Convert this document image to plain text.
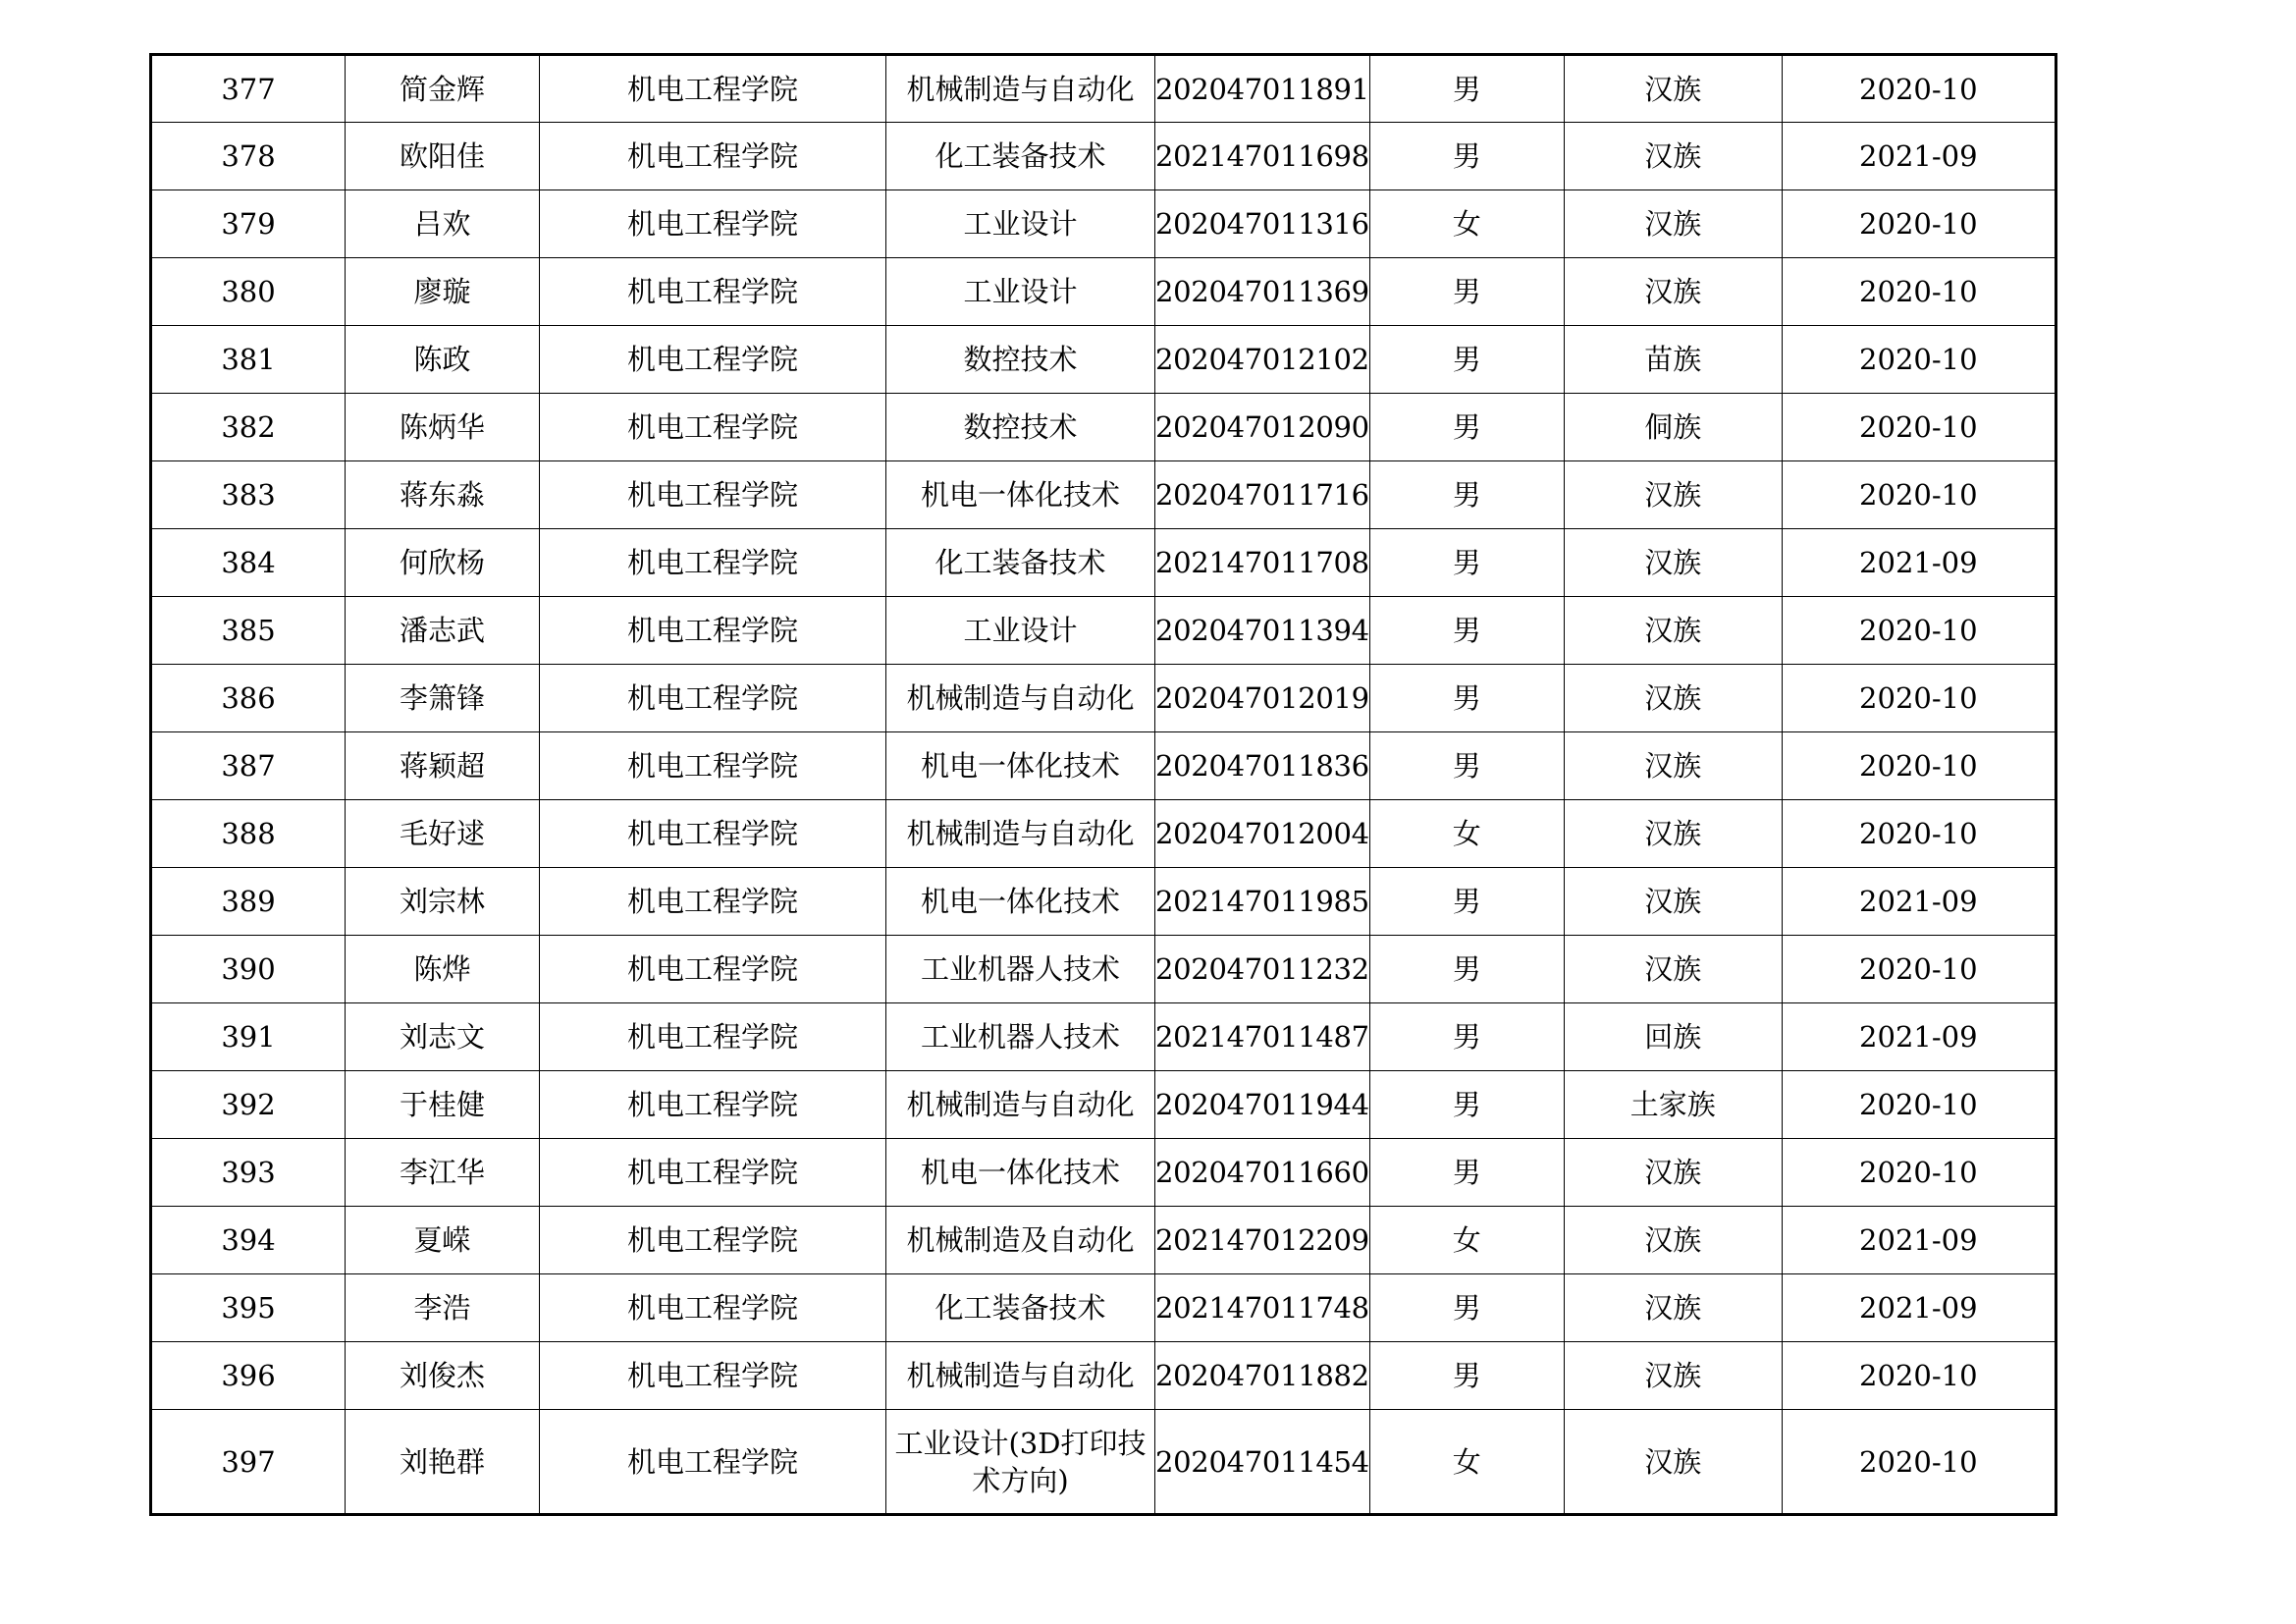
377	简金辉	机电工程学院	机械制造与自动化	202047011891	男	汉族	2020-10
378	欧阳佳	机电工程学院	化工装备技术	202147011698	男	汉族	2021-09
379	吕欢	机电工程学院	工业设计	202047011316	女	汉族	2020-10
380	廖璇	机电工程学院	工业设计	202047011369	男	汉族	2020-10
381	陈政	机电工程学院	数控技术	202047012102	男	苗族	2020-10
382	陈炳华	机电工程学院	数控技术	202047012090	男	侗族	2020-10
383	蒋东淼	机电工程学院	机电一体化技术	202047011716	男	汉族	2020-10
384	何欣杨	机电工程学院	化工装备技术	202147011708	男	汉族	2021-09
385	潘志武	机电工程学院	工业设计	202047011394	男	汉族	2020-10
386	李箫锋	机电工程学院	机械制造与自动化	202047012019	男	汉族	2020-10
387	蒋颖超	机电工程学院	机电一体化技术	202047011836	男	汉族	2020-10
388	毛好逑	机电工程学院	机械制造与自动化	202047012004	女	汉族	2020-10
389	刘宗林	机电工程学院	机电一体化技术	202147011985	男	汉族	2021-09
390	陈烨	机电工程学院	工业机器人技术	202047011232	男	汉族	2020-10
391	刘志文	机电工程学院	工业机器人技术	202147011487	男	回族	2021-09
392	于桂健	机电工程学院	机械制造与自动化	202047011944	男	土家族	2020-10
393	李江华	机电工程学院	机电一体化技术	202047011660	男	汉族	2020-10
394	夏嵘	机电工程学院	机械制造及自动化	202147012209	女	汉族	2021-09
395	李浩	机电工程学院	化工装备技术	202147011748	男	汉族	2021-09
396	刘俊杰	机电工程学院	机械制造与自动化	202047011882	男	汉族	2020-10
397	刘艳群	机电工程学院	工业设计(3D打印技术方向)	202047011454	女	汉族	2020-10
